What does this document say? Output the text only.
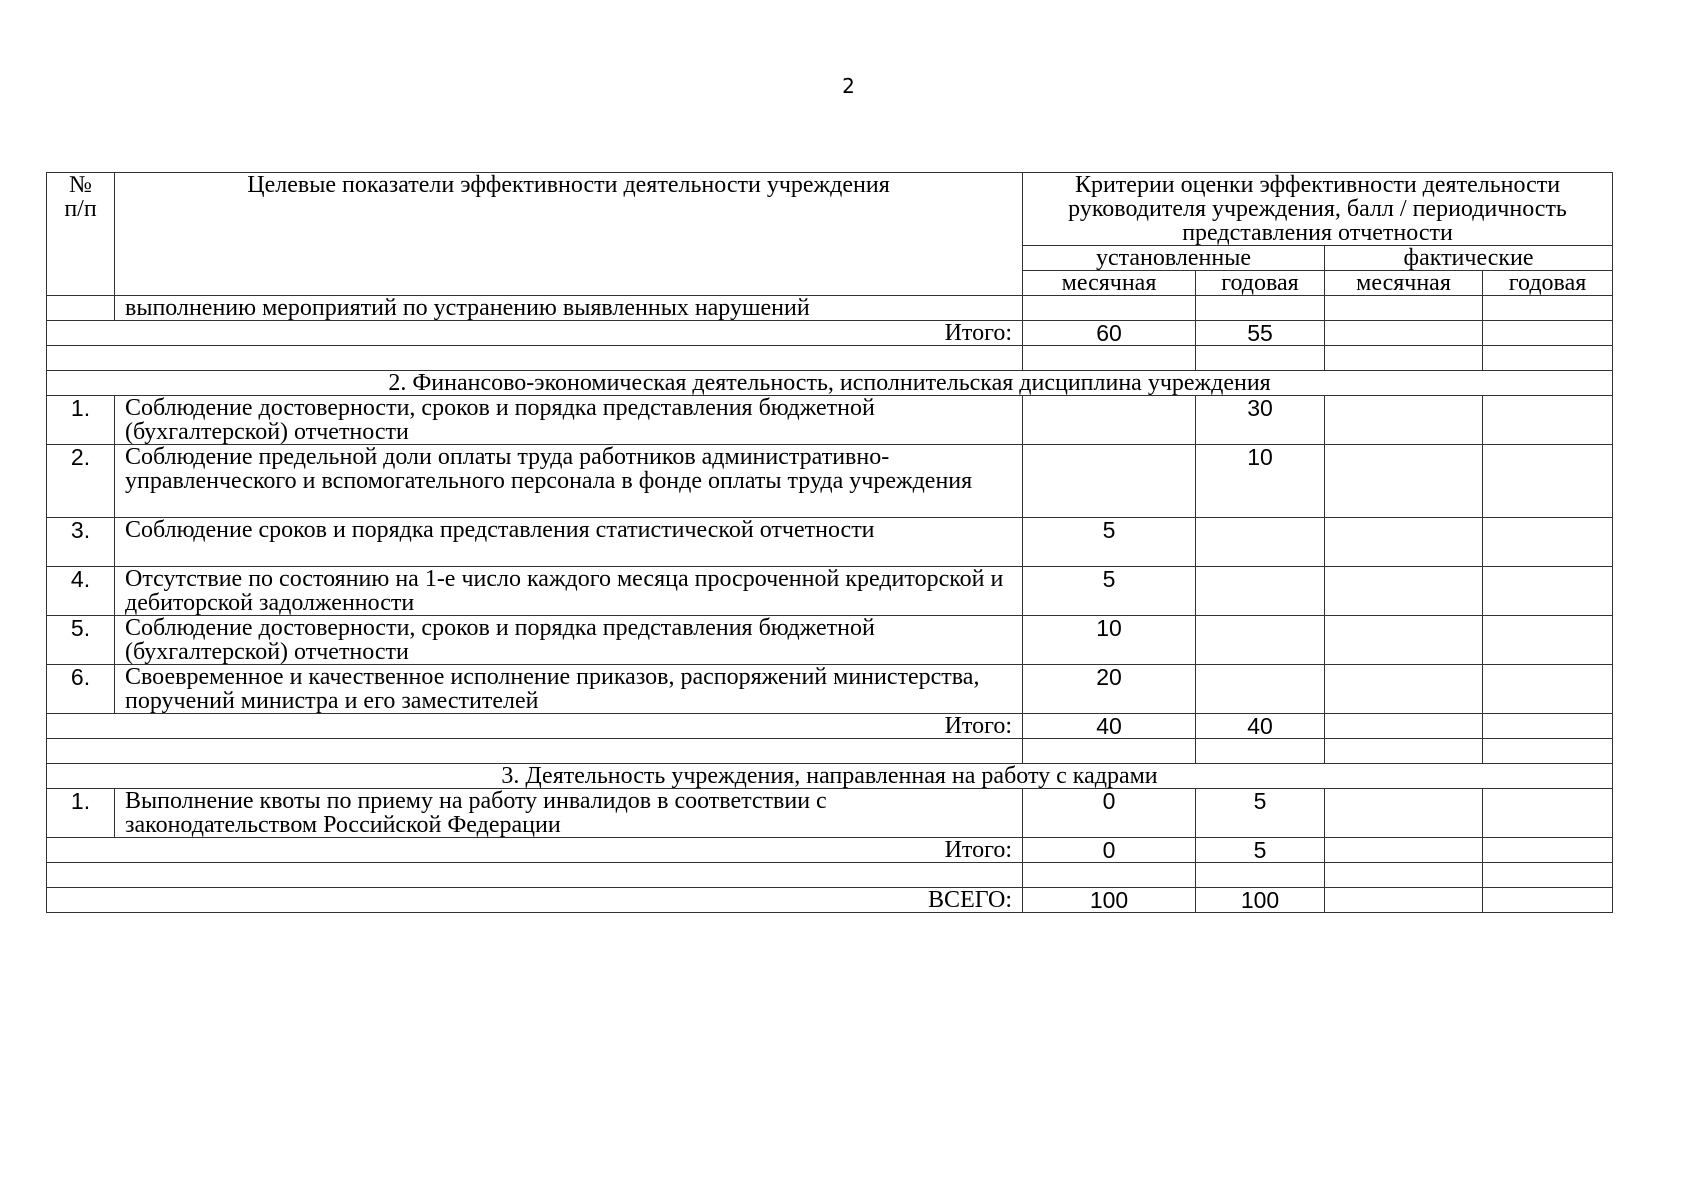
2
№ п/п	Целевые показатели эффективности деятельности учреждения	Критерии оценки эффективности деятельности руководителя учреждения, балл / периодичность представления отчетности			
		установленные		фактические	
		месячная	годовая	месячная	годовая
	выполнению мероприятий по устранению выявленных нарушений				
Итого:		60	55		

2. Финансово-экономическая деятельность, исполнительская дисциплина учреждения					
1.	Соблюдение достоверности, сроков и порядка представления бюджетной (бухгалтерской) отчетности		30		
2.	Соблюдение предельной доли оплаты труда работников административно-управленческого и вспомогательного персонала в фонде оплаты труда учреждения		10		
3.	Соблюдение сроков и порядка представления статистической отчетности	5			
4.	Отсутствие по состоянию на 1-е число каждого месяца просроченной кредиторской и дебиторской задолженности	5			
5.	Соблюдение достоверности, сроков и порядка представления бюджетной (бухгалтерской) отчетности	10			
6.	Своевременное и качественное исполнение приказов, распоряжений министерства, поручений министра и его заместителей	20			
Итого:		40	40		

3. Деятельность учреждения, направленная на работу с кадрами					
1.	Выполнение квоты по приему на работу инвалидов в соответствии с законодательством Российской Федерации	0	5		
Итого:		0	5		

ВСЕГО:		100	100		
